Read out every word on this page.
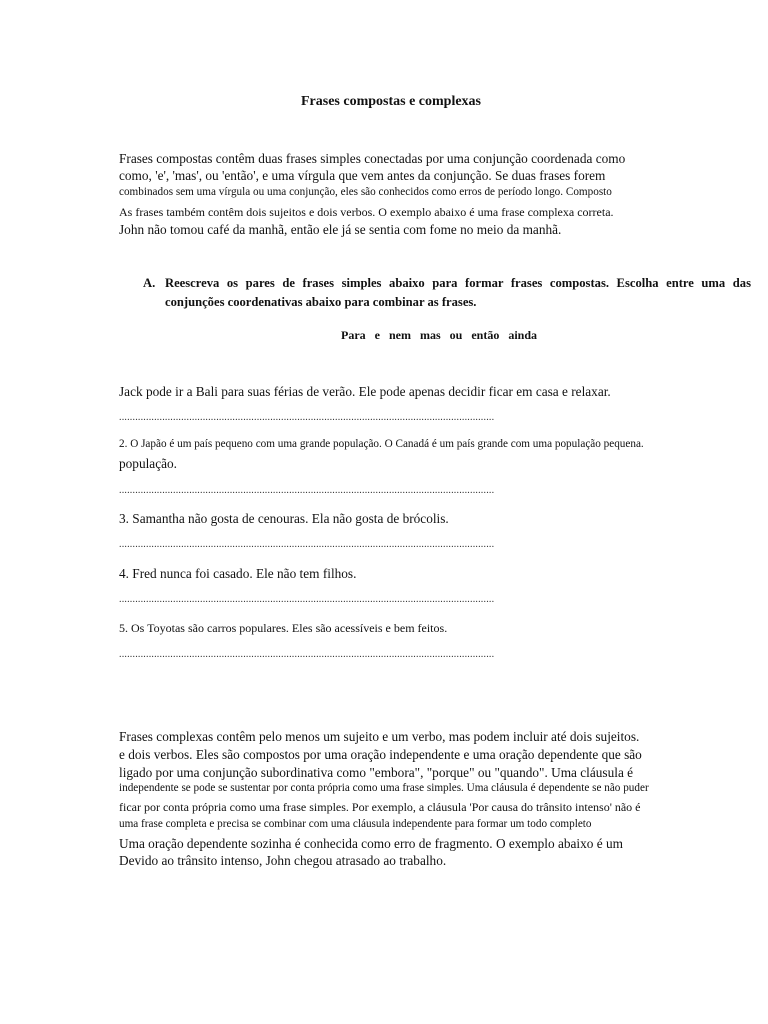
Frases compostas e complexas
Frases compostas contêm duas frases simples conectadas por uma conjunção coordenada como
como, 'e', 'mas', ou 'então', e uma vírgula que vem antes da conjunção. Se duas frases forem
combinados sem uma vírgula ou uma conjunção, eles são conhecidos como erros de período longo. Composto
As frases também contêm dois sujeitos e dois verbos. O exemplo abaixo é uma frase complexa correta.
John não tomou café da manhã, então ele já se sentia com fome no meio da manhã.
A. Reescreva os pares de frases simples abaixo para formar frases compostas. Escolha entre uma das conjunções coordenativas abaixo para combinar as frases.
Para e nem mas ou então ainda
Jack pode ir a Bali para suas férias de verão. Ele pode apenas decidir ficar em casa e relaxar.
...........................................................................................................................................
2. O Japão é um país pequeno com uma grande população. O Canadá é um país grande com uma população pequena.
população.
...........................................................................................................................................
3. Samantha não gosta de cenouras. Ela não gosta de brócolis.
...........................................................................................................................................
4. Fred nunca foi casado. Ele não tem filhos.
...........................................................................................................................................
5. Os Toyotas são carros populares. Eles são acessíveis e bem feitos.
...........................................................................................................................................
Frases complexas contêm pelo menos um sujeito e um verbo, mas podem incluir até dois sujeitos.
e dois verbos. Eles são compostos por uma oração independente e uma oração dependente que são
ligado por uma conjunção subordinativa como "embora", "porque" ou "quando". Uma cláusula é
independente se pode se sustentar por conta própria como uma frase simples. Uma cláusula é dependente se não puder
ficar por conta própria como uma frase simples. Por exemplo, a cláusula 'Por causa do trânsito intenso' não é
uma frase completa e precisa se combinar com uma cláusula independente para formar um todo completo
Uma oração dependente sozinha é conhecida como erro de fragmento. O exemplo abaixo é um
Devido ao trânsito intenso, John chegou atrasado ao trabalho.
